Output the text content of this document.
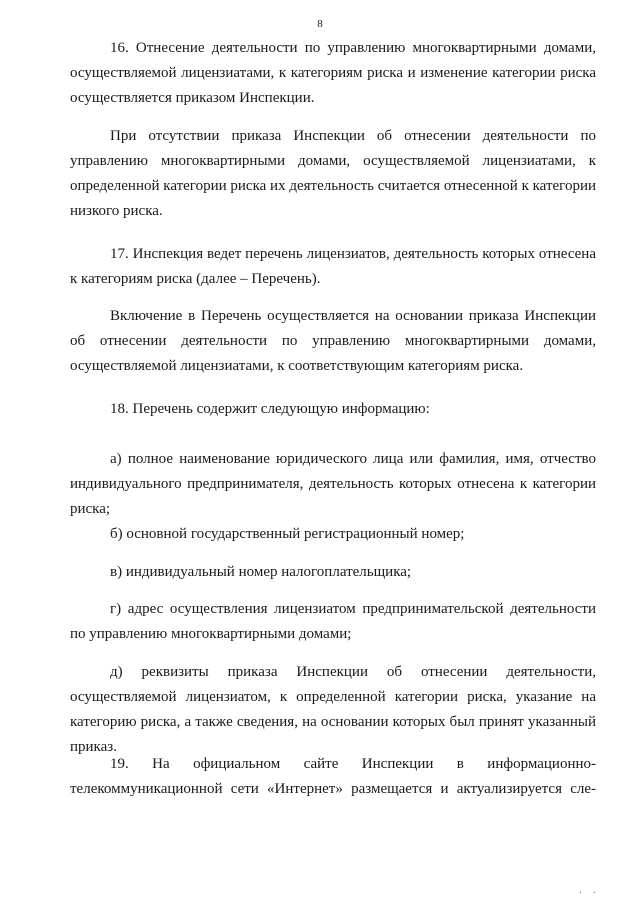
8

16. Отнесение деятельности по управлению многоквартирными домами, осуществляемой лицензиатами, к категориям риска и изменение категории риска осуществляется приказом Инспекции.

При отсутствии приказа Инспекции об отнесении деятельности по управлению многоквартирными домами, осуществляемой лицензиатами, к определенной категории риска их деятельность считается отнесенной к категории низкого риска.

17. Инспекция ведет перечень лицензиатов, деятельность которых отнесена к категориям риска (далее – Перечень).

Включение в Перечень осуществляется на основании приказа Инспекции об отнесении деятельности по управлению многоквартирными домами, осуществляемой лицензиатами, к соответствующим категориям риска.

18. Перечень содержит следующую информацию:

а) полное наименование юридического лица или фамилия, имя, отчество индивидуального предпринимателя, деятельность которых отнесена к категории риска;

б) основной государственный регистрационный номер;

в) индивидуальный номер налогоплательщика;

г) адрес осуществления лицензиатом предпринимательской деятельности по управлению многоквартирными домами;

д) реквизиты приказа Инспекции об отнесении деятельности, осуществляемой лицензиатом, к определенной категории риска, указание на категорию риска, а также сведения, на основании которых был принят указанный приказ.

19. На официальном сайте Инспекции в информационно-телекоммуникационной сети «Интернет» размещается и актуализируется сле-

· ·
